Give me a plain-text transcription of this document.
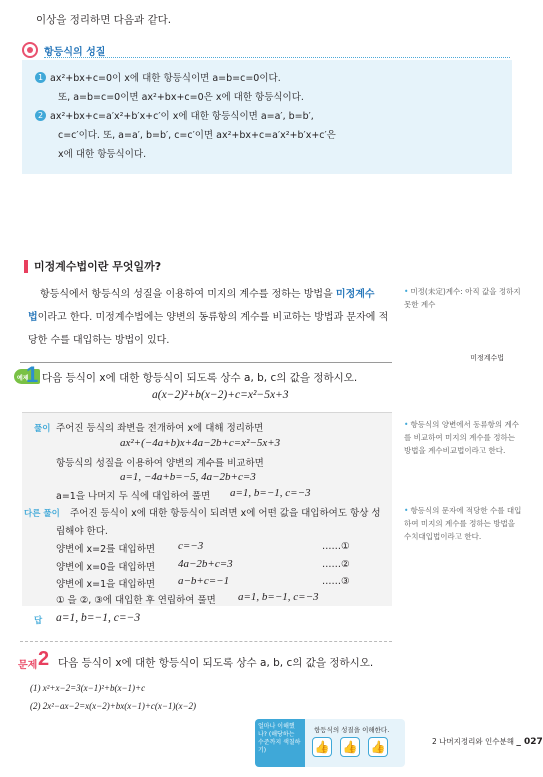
이상을 정리하면 다음과 같다.
항등식의 성질
1 ax²+bx+c=0이 x에 대한 항등식이면 a=b=c=0이다.
또, a=b=c=0이면 ax²+bx+c=0은 x에 대한 항등식이다.
2 ax²+bx+c=a′x²+b′x+c′이 x에 대한 항등식이면 a=a′, b=b′,
c=c′이다. 또, a=a′, b=b′, c=c′이면 ax²+bx+c=a′x²+b′x+c′은
x에 대한 항등식이다.
미정계수법이란 무엇일까?
항등식에서 항등식의 성질을 이용하여 미지의 계수를 정하는 방법을 미정계수
법이라고 한다. 미정계수법에는 양변의 동류항의 계수를 비교하는 방법과 문자에 적당한 수를 대입하는 방법이 있다.
• 미정(未定)계수: 아직 값을 정하지 못한 계수
미정계수법
예제
1 다음 등식이 x에 대한 항등식이 되도록 상수 a, b, c의 값을 정하시오.
a(x−2)²+b(x−2)+c=x²−5x+3
풀이 주어진 등식의 좌변을 전개하여 x에 대해 정리하면
ax²+(−4a+b)x+4a−2b+c=x²−5x+3
항등식의 성질을 이용하여 양변의 계수를 비교하면
a=1, −4a+b=−5, 4a−2b+c=3
a=1을 나머지 두 식에 대입하여 풀면 a=1, b=−1, c=−3
다른 풀이 주어진 등식이 x에 대한 항등식이 되려면 x에 어떤 값을 대입하여도 항상 성
립해야 한다.
양변에 x=2를 대입하면 c=−3	……①
양변에 x=0을 대입하면 4a−2b+c=3	……②
양변에 x=1을 대입하면 a−b+c=−1	……③
① 을 ②, ③에 대입한 후 연립하여 풀면 a=1, b=−1, c=−3
답 a=1, b=−1, c=−3
• 항등식의 양변에서 동류항의 계수를 비교하여 미지의 계수를 정하는 방법을 계수비교법이라고 한다.
• 항등식의 문자에 적당한 수를 대입하여 미지의 계수를 정하는 방법을 수치대입법이라고 한다.
문제 2 다음 등식이 x에 대한 항등식이 되도록 상수 a, b, c의 값을 정하시오.
(1) x²+x−2=3(x−1)²+b(x−1)+c
(2) 2x²−ax−2=x(x−2)+bx(x−1)+c(x−1)(x−2)
얼마나 이해했나? (해당하는 수준까지 색칠하기)
항등식의 성질을 이해한다.
👍 👍 👍	2 나머지정리와 인수분해 _ 027
